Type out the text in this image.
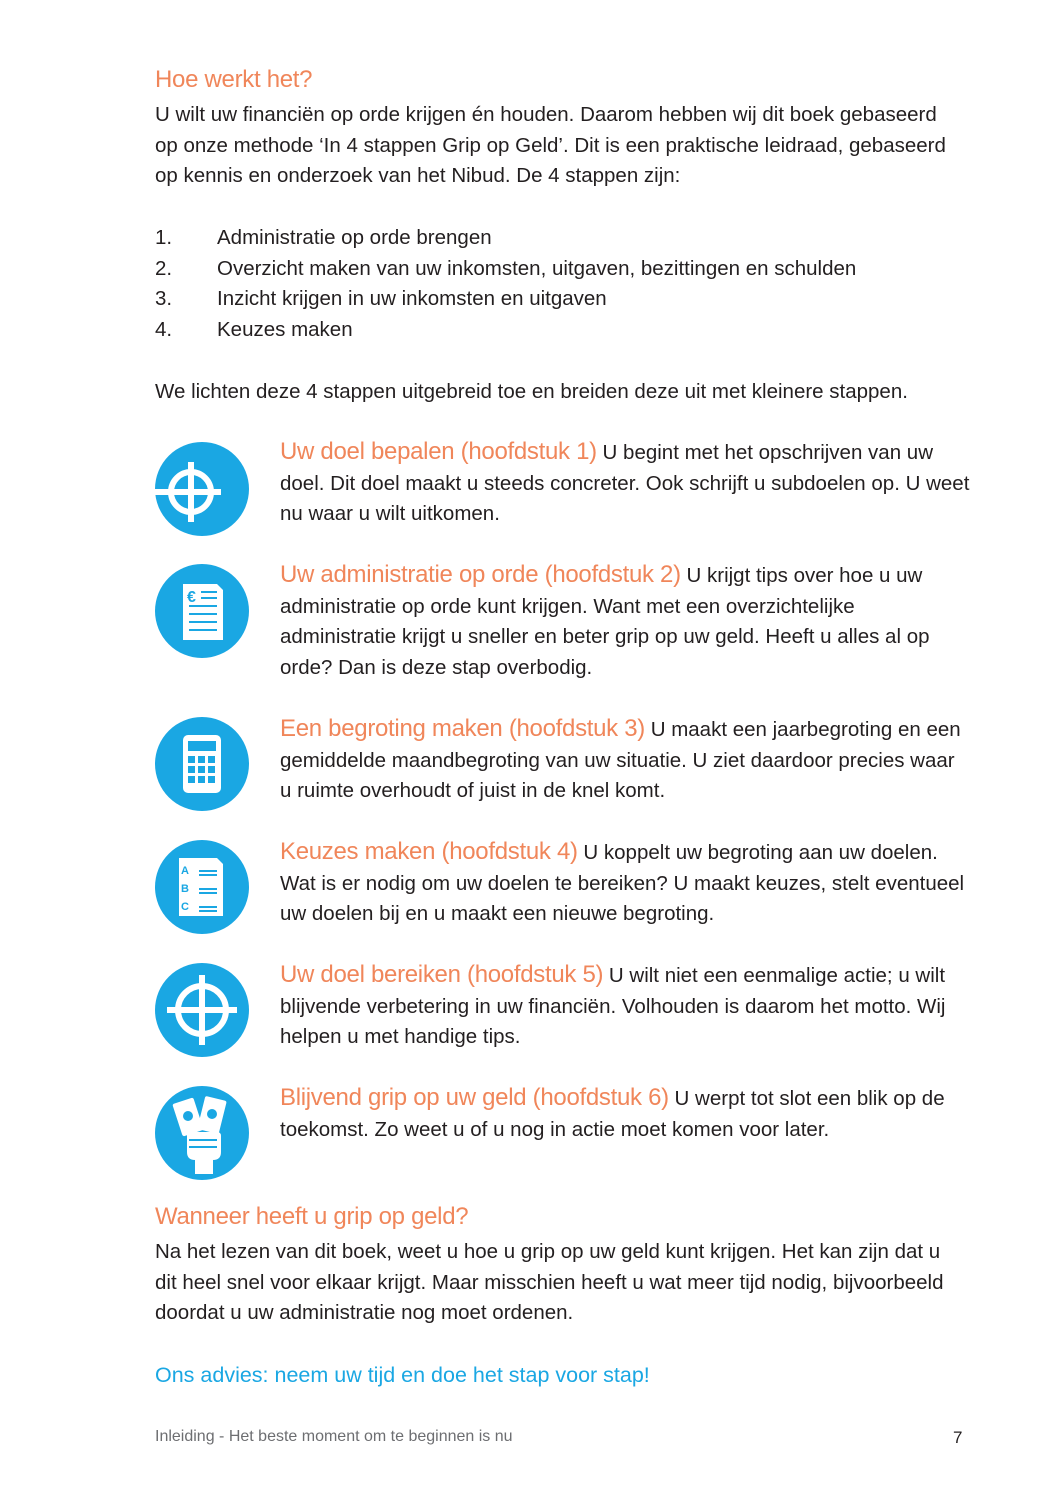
Hoe werkt het?
U wilt uw financiën op orde krijgen én houden. Daarom hebben wij dit boek gebaseerd op onze methode ‘In 4 stappen Grip op Geld’. Dit is een praktische leidraad, gebaseerd op kennis en onderzoek van het Nibud. De 4 stappen zijn:
1.	Administratie op orde brengen
2.	Overzicht maken van uw inkomsten, uitgaven, bezittingen en schulden
3.	Inzicht krijgen in uw inkomsten en uitgaven
4.	Keuzes maken
We lichten deze 4 stappen uitgebreid toe en breiden deze uit met kleinere stappen.
Uw doel bepalen (hoofdstuk 1) U begint met het opschrijven van uw doel. Dit doel maakt u steeds concreter. Ook schrijft u subdoelen op. U weet nu waar u wilt uitkomen.
€
Uw administratie op orde (hoofdstuk 2) U krijgt tips over hoe u uw administratie op orde kunt krijgen. Want met een overzichtelijke administratie krijgt u sneller en beter grip op uw geld. Heeft u alles al op orde? Dan is deze stap overbodig.
Een begroting maken (hoofdstuk 3) U maakt een jaarbegroting en een gemiddelde maandbegroting van uw situatie. U ziet daardoor precies waar u ruimte overhoudt of juist in de knel komt.
A
B
C
Keuzes maken (hoofdstuk 4) U koppelt uw begroting aan uw doelen. Wat is er nodig om uw doelen te bereiken? U maakt keuzes, stelt eventueel uw doelen bij en u maakt een nieuwe begroting.
Uw doel bereiken (hoofdstuk 5) U wilt niet een eenmalige actie; u wilt blijvende verbetering in uw financiën. Volhouden is daarom het motto. Wij helpen u met handige tips.
Blijvend grip op uw geld (hoofdstuk 6) U werpt tot slot een blik op de toekomst. Zo weet u of u nog in actie moet komen voor later.
Wanneer heeft u grip op geld?
Na het lezen van dit boek, weet u hoe u grip op uw geld kunt krijgen. Het kan zijn dat u dit heel snel voor elkaar krijgt. Maar misschien heeft u wat meer tijd nodig, bijvoorbeeld doordat u uw administratie nog moet ordenen.
Ons advies: neem uw tijd en doe het stap voor stap!
Inleiding - Het beste moment om te beginnen is nu	7
